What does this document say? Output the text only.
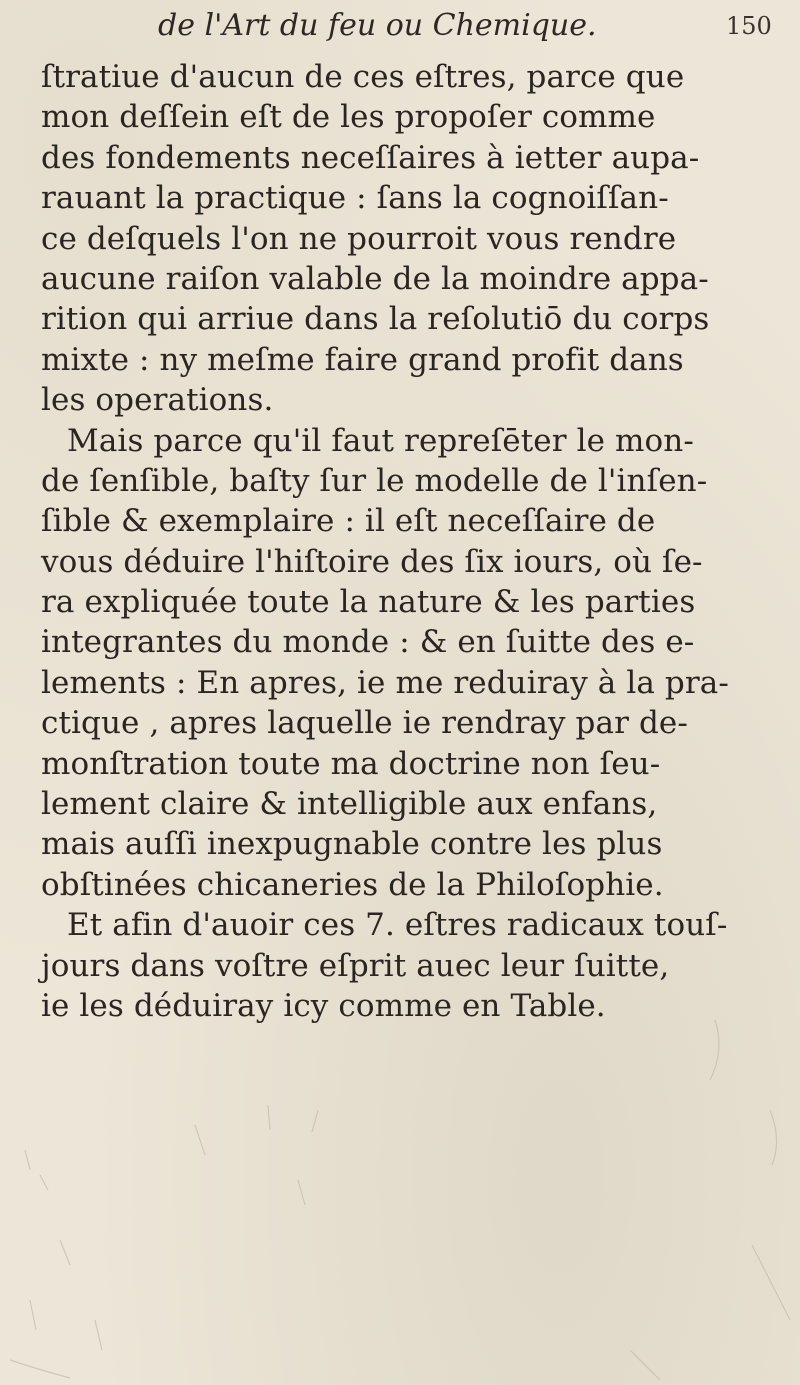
de l'Art du feu ou Chemique.	150
ſtratiue d'aucun de ces eſtres, parce que
mon deſſein eſt de les propoſer comme
des fondements neceſſaires à ietter aupa-
rauant la practique : ſans la cognoiſſan-
ce deſquels l'on ne pourroit vous rendre
aucune raiſon valable de la moindre appa-
rition qui arriue dans la reſolutiō du corps
mixte : ny meſme faire grand profit dans
les operations.
Mais parce qu'il faut repreſēter le mon-
de ſenſible, baſty ſur le modelle de l'inſen-
ſible & exemplaire : il eſt neceſſaire de
vous déduire l'hiſtoire des ſix iours, où ſe-
ra expliquée toute la nature & les parties
integrantes du monde : & en ſuitte des e-
lements : En apres, ie me reduiray à la pra-
ctique , apres laquelle ie rendray par de-
monſtration toute ma doctrine non ſeu-
lement claire & intelligible aux enfans,
mais auſſi inexpugnable contre les plus
obſtinées chicaneries de la Philoſophie.
Et afin d'auoir ces 7. eſtres radicaux touſ-
jours dans voſtre eſprit auec leur ſuitte,
ie les déduiray icy comme en Table.
